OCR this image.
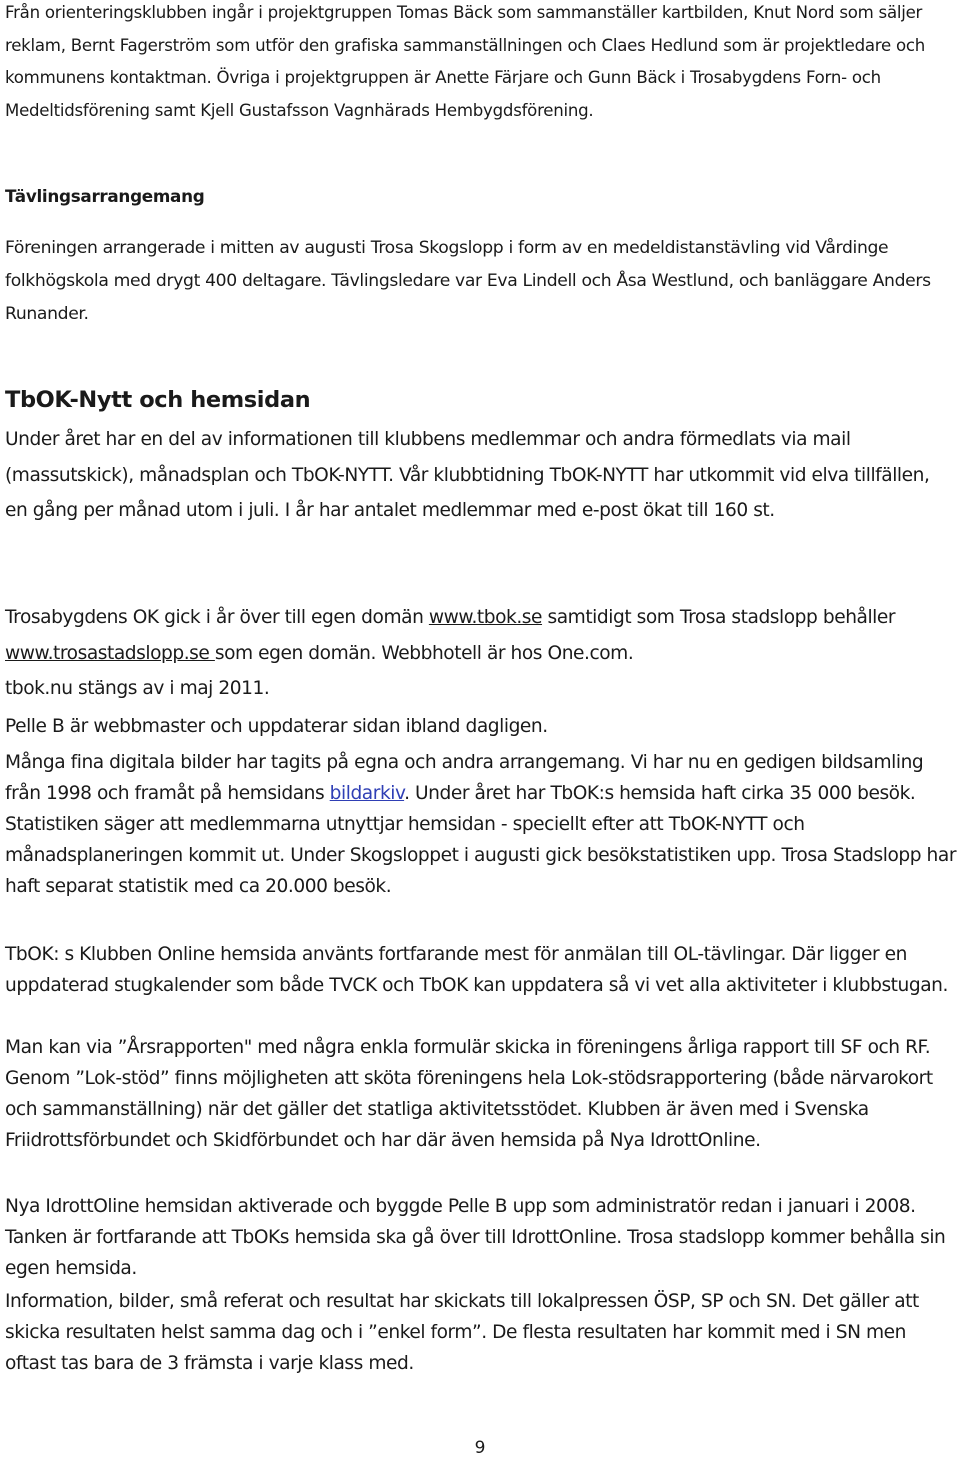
Från orienteringsklubben ingår i projektgruppen Tomas Bäck som sammanställer kartbilden, Knut Nord som säljer reklam, Bernt Fagerström som utför den grafiska sammanställningen och Claes Hedlund som är projektledare och kommunens kontaktman. Övriga i projektgruppen är Anette Färjare och Gunn Bäck i Trosabygdens Forn- och Medeltidsförening samt Kjell Gustafsson Vagnhärads Hembygdsförening.
Tävlingsarrangemang
Föreningen arrangerade i mitten av augusti Trosa Skogslopp i form av en medeldistanstävling vid Vårdinge folkhögskola med drygt 400 deltagare. Tävlingsledare var Eva Lindell och Åsa Westlund, och banläggare Anders Runander.
TbOK-Nytt och hemsidan
Under året har en del av informationen till klubbens medlemmar och andra förmedlats via mail (massutskick), månadsplan och TbOK-NYTT. Vår klubbtidning TbOK-NYTT har utkommit vid elva tillfällen, en gång per månad utom i juli. I år har antalet medlemmar med e-post ökat till 160 st.
Trosabygdens OK gick i år över till egen domän www.tbok.se samtidigt som Trosa stadslopp behåller www.trosastadslopp.se som egen domän. Webbhotell är hos One.com.
tbok.nu stängs av i maj 2011.
Pelle B är webbmaster och uppdaterar sidan ibland dagligen.
Många fina digitala bilder har tagits på egna och andra arrangemang. Vi har nu en gedigen bildsamling från 1998 och framåt på hemsidans bildarkiv. Under året har TbOK:s hemsida haft cirka 35 000 besök. Statistiken säger att medlemmarna utnyttjar hemsidan - speciellt efter att TbOK-NYTT och månadsplaneringen kommit ut. Under Skogsloppet i augusti gick besökstatistiken upp. Trosa Stadslopp har haft separat statistik med ca 20.000 besök.
TbOK: s Klubben Online hemsida använts fortfarande mest för anmälan till OL-tävlingar. Där ligger en uppdaterad stugkalender som både TVCK och TbOK kan uppdatera så vi vet alla aktiviteter i klubbstugan.
Man kan via ”Årsrapporten" med några enkla formulär skicka in föreningens årliga rapport till SF och RF. Genom ”Lok-stöd” finns möjligheten att sköta föreningens hela Lok-stödsrapportering (både närvarokort och sammanställning) när det gäller det statliga aktivitetsstödet. Klubben är även med i Svenska Friidrottsförbundet och Skidförbundet och har där även hemsida på Nya IdrottOnline.
Nya IdrottOline hemsidan aktiverade och byggde Pelle B upp som administratör redan i januari i 2008. Tanken är fortfarande att TbOKs hemsida ska gå över till IdrottOnline. Trosa stadslopp kommer behålla sin egen hemsida.
Information, bilder, små referat och resultat har skickats till lokalpressen ÖSP, SP och SN. Det gäller att skicka resultaten helst samma dag och i ”enkel form”. De flesta resultaten har kommit med i SN men oftast tas bara de 3 främsta i varje klass med.
9
